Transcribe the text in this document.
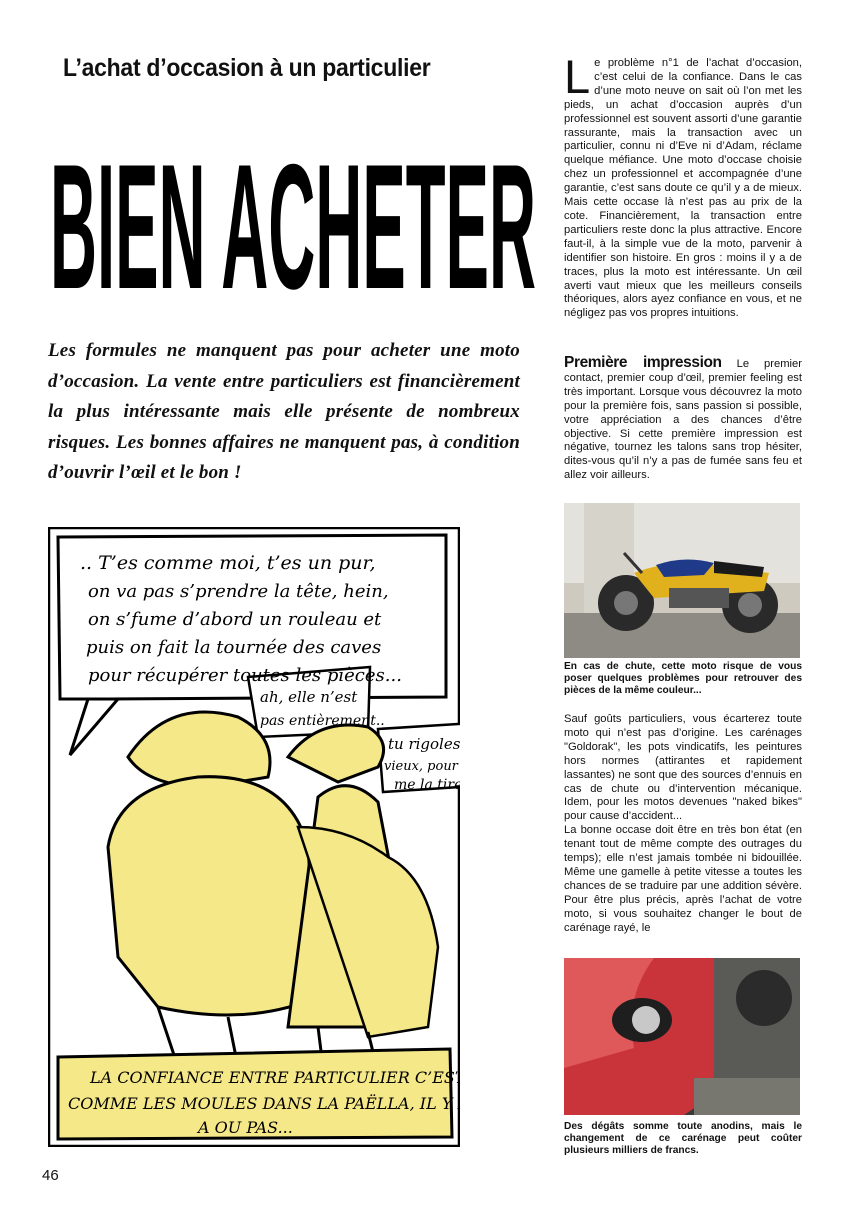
L’achat d’occasion à un particulier
BIEN ACHETER
Les formules ne manquent pas pour acheter une moto d’occasion. La vente entre particuliers est financièrement la plus intéressante mais elle présente de nombreux risques. Les bonnes affaires ne manquent pas, à condition d’ouvrir l’œil et le bon !
.. T’es comme moi, t’es un pur,
on va pas s’prendre la tête, hein,
on s’fume d’abord un rouleau et
puis on fait la tournée des caves
pour récupérer toutes les pièces...
ah, elle n’est
pas entièrement..
tu rigoles,
vieux, pour
me la tir
LA CONFIANCE ENTRE PARTICULIER C’EST
COMME LES MOULES DANS LA PAËLLA, IL Y EN
A OU PAS...
Le problème n°1 de l’achat d’occasion, c’est celui de la confiance. Dans le cas d’une moto neuve on sait où l’on met les pieds, un achat d’occasion auprès d’un professionnel est souvent assorti d’une garantie rassurante, mais la transaction avec un particulier, connu ni d’Eve ni d’Adam, réclame quelque méfiance. Une moto d’occase choisie chez un professionnel et accompagnée d’une garantie, c’est sans doute ce qu’il y a de mieux. Mais cette occase là n’est pas au prix de la cote. Financièrement, la transaction entre particuliers reste donc la plus attractive. Encore faut-il, à la simple vue de la moto, parvenir à identifier son histoire. En gros : moins il y a de traces, plus la moto est intéressante. Un œil averti vaut mieux que les meilleurs conseils théoriques, alors ayez confiance en vous, et ne négligez pas vos propres intuitions.
Première impression Le premier contact, premier coup d’œil, premier feeling est très important. Lorsque vous découvrez la moto pour la première fois, sans passion si possible, votre appréciation a des chances d’être objective. Si cette première impression est négative, tournez les talons sans trop hésiter, dites-vous qu’il n’y a pas de fumée sans feu et allez voir ailleurs.
En cas de chute, cette moto risque de vous poser quelques problèmes pour retrouver des pièces de la même couleur...
Sauf goûts particuliers, vous écarterez toute moto qui n’est pas d’origine. Les carénages "Goldorak", les pots vindicatifs, les peintures hors normes (attirantes et rapidement lassantes) ne sont que des sources d’ennuis en cas de chute ou d’intervention mécanique. Idem, pour les motos devenues "naked bikes" pour cause d’accident...
La bonne occase doit être en très bon état (en tenant tout de même compte des outrages du temps); elle n’est jamais tombée ni bidouillée. Même une gamelle à petite vitesse a toutes les chances de se traduire par une addition sévère. Pour être plus précis, après l’achat de votre moto, si vous souhaitez changer le bout de carénage rayé, le
Des dégâts somme toute anodins, mais le changement de ce carénage peut coûter plusieurs milliers de francs.
46
